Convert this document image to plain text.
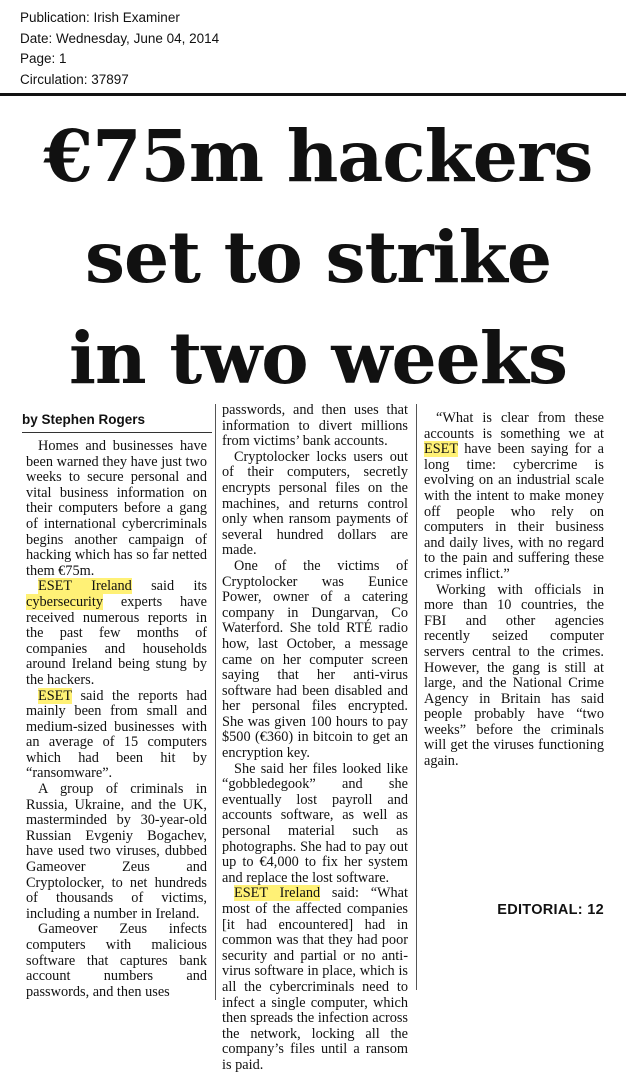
Publication: Irish Examiner
Date: Wednesday, June 04, 2014
Page: 1
Circulation: 37897
€75m hackers
set to strike
in two weeks
by Stephen Rogers

Homes and businesses have been warned they have just two weeks to secure personal and vital business information on their computers before a gang of international cybercriminals begins another campaign of hacking which has so far netted them €75m.

ESET Ireland said its cybersecurity experts have received numerous reports in the past few months of companies and households around Ireland being stung by the hackers.

ESET said the reports had mainly been from small and medium-sized businesses with an average of 15 computers which had been hit by “ransomware”.

A group of criminals in Russia, Ukraine, and the UK, masterminded by 30-year-old Russian Evgeniy Bogachev, have used two viruses, dubbed Gameover Zeus and Cryptolocker, to net hundreds of thousands of victims, including a number in Ireland.

Gameover Zeus infects computers with malicious software that captures bank account numbers and passwords, and then uses

passwords, and then uses that information to divert millions from victims’ bank accounts.

Cryptolocker locks users out of their computers, secretly encrypts personal files on the machines, and returns control only when ransom payments of several hundred dollars are made.

One of the victims of Cryptolocker was Eunice Power, owner of a catering company in Dungarvan, Co Waterford. She told RTÉ radio how, last October, a message came on her computer screen saying that her anti-virus software had been disabled and her personal files encrypted. She was given 100 hours to pay $500 (€360) in bitcoin to get an encryption key.

She said her files looked like “gobbledegook” and she eventually lost payroll and accounts software, as well as personal material such as photographs. She had to pay out up to €4,000 to fix her system and replace the lost software.

ESET Ireland said: “What most of the affected companies [it had encountered] had in common was that they had poor security and partial or no anti-virus software in place, which is all the cybercriminals need to infect a single computer, which then spreads the infection across the network, locking all the company’s files until a ransom is paid.

“What is clear from these accounts is something we at ESET have been saying for a long time: cybercrime is evolving on an industrial scale with the intent to make money off people who rely on computers in their business and daily lives, with no regard to the pain and suffering these crimes inflict.”

Working with officials in more than 10 countries, the FBI and other agencies recently seized computer servers central to the crimes. However, the gang is still at large, and the National Crime Agency in Britain has said people probably have “two weeks” before the criminals will get the viruses functioning again.

EDITORIAL: 12
